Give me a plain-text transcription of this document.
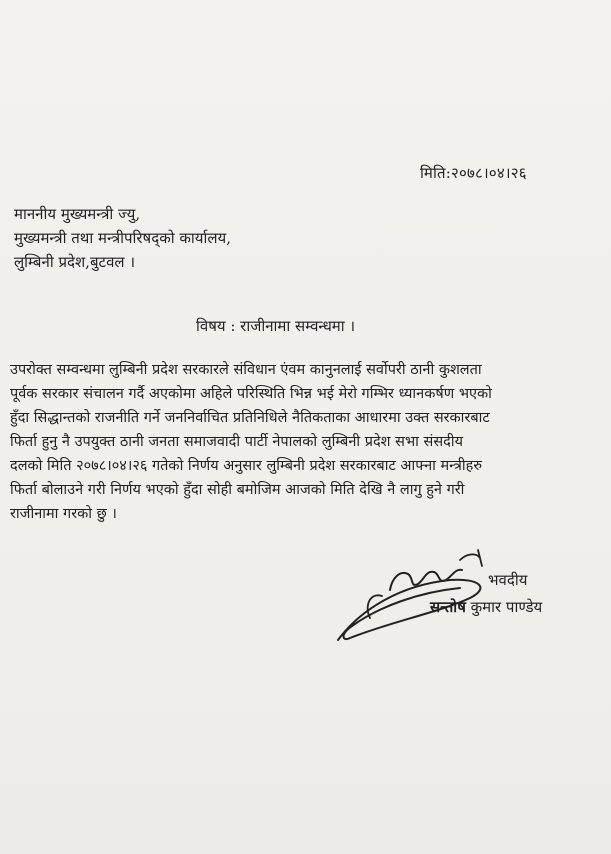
मिति:२०७८।०४।२६
माननीय मुख्यमन्त्री ज्यु,
मुख्यमन्त्री तथा मन्त्रीपरिषद्को कार्यालय,
लुम्बिनी प्रदेश,बुटवल ।
विषय : राजीनामा सम्वन्धमा ।
उपरोक्त सम्वन्धमा लुम्बिनी प्रदेश सरकारले संविधान एंवम कानुनलाई सर्वोपरी ठानी कुशलता
पूर्वक सरकार संचालन गर्दै अएकोमा अहिले परिस्थिति भिन्न भई मेरो गम्भिर ध्यानकर्षण भएको
हुँदा सिद्धान्तको राजनीति गर्ने जननिर्वाचित प्रतिनिधिले नैतिकताका आधारमा उक्त सरकारबाट
फिर्ता हुनु नै उपयुक्त ठानी जनता समाजवादी पार्टी नेपालको लुम्बिनी प्रदेश सभा संसदीय
दलको मिति २०७८।०४।२६ गतेको निर्णय अनुसार लुम्बिनी प्रदेश सरकारबाट आफ्ना मन्त्रीहरु
फिर्ता बोलाउने गरी निर्णय भएको हुँदा सोही बमोजिम आजको मिति देखि नै लागु हुने गरी
राजीनामा गरको छु ।
भवदीय
सन्तोष कुमार पाण्डेय
